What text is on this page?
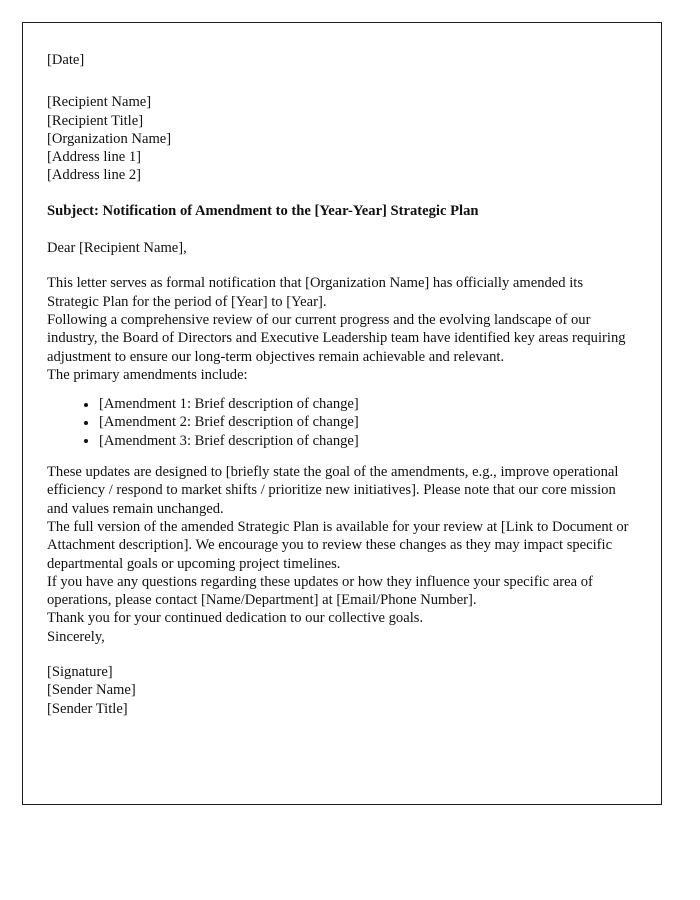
[Date]
[Recipient Name]
[Recipient Title]
[Organization Name]
[Address line 1]
[Address line 2]
Subject: Notification of Amendment to the [Year-Year] Strategic Plan
Dear [Recipient Name],

This letter serves as formal notification that [Organization Name] has officially amended its Strategic Plan for the period of [Year] to [Year].

Following a comprehensive review of our current progress and the evolving landscape of our industry, the Board of Directors and Executive Leadership team have identified key areas requiring adjustment to ensure our long-term objectives remain achievable and relevant.

The primary amendments include:

[Amendment 1: Brief description of change]
[Amendment 2: Brief description of change]
[Amendment 3: Brief description of change]

These updates are designed to [briefly state the goal of the amendments, e.g., improve operational efficiency / respond to market shifts / prioritize new initiatives]. Please note that our core mission and values remain unchanged.

The full version of the amended Strategic Plan is available for your review at [Link to Document or Attachment description]. We encourage you to review these changes as they may impact specific departmental goals or upcoming project timelines.

If you have any questions regarding these updates or how they influence your specific area of operations, please contact [Name/Department] at [Email/Phone Number].

Thank you for your continued dedication to our collective goals.

Sincerely,
[Signature]
[Sender Name]
[Sender Title]
